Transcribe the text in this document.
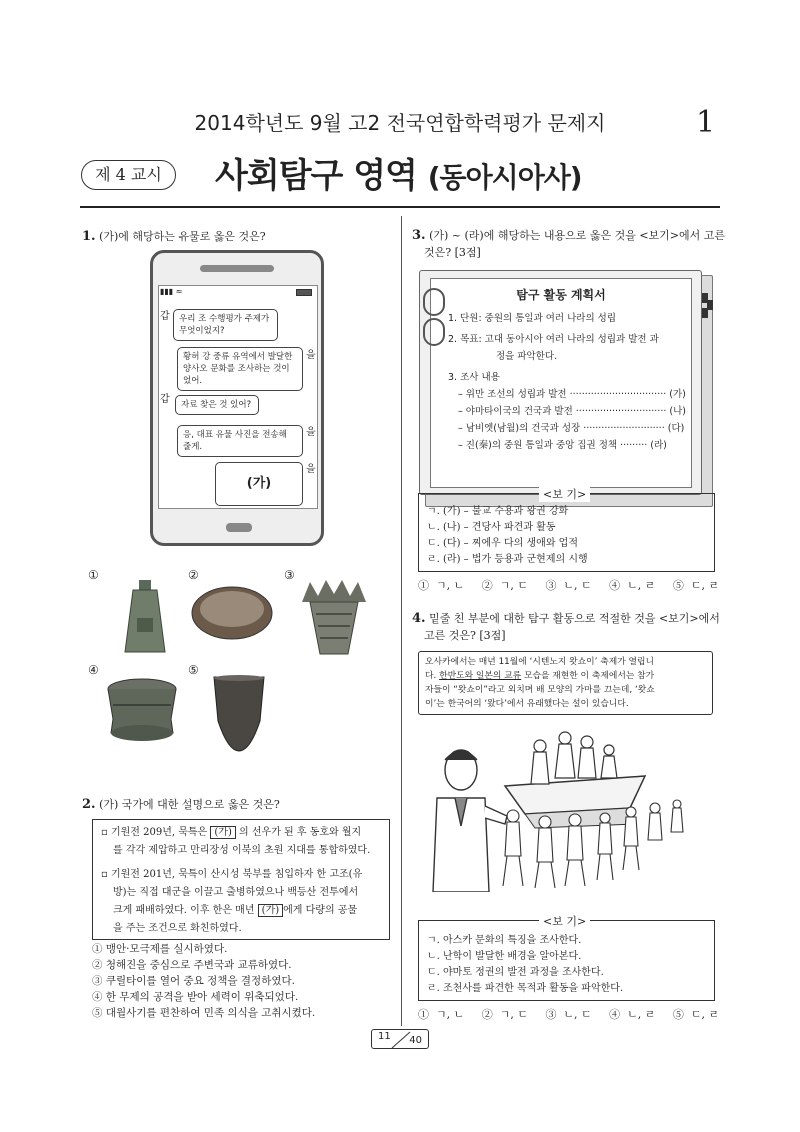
2014학년도 9월 고2 전국연합학력평가 문제지	1
제 4 교시	사회탐구 영역 (동아시아사)
1. (가)에 해당하는 유물로 옳은 것은?
▮▮▮ ≈
갑	우리 조 수행평가 주제가 무엇이었지?
을
황허 강 중류 유역에서 발달한 양사오 문화를 조사하는 것이었어.
갑	자료 찾은 것 있어?
을
응, 대표 유물 사진을 전송해 줄게.
을
(가)
①	②	③
④	⑤
2. (가) 국가에 대한 설명으로 옳은 것은?
▫ 기원전 209년, 묵특은 (가) 의 선우가 된 후 동호와 월지
를 각각 제압하고 만리장성 이북의 초원 지대를 통합하였다.
▫ 기원전 201년, 묵특이 산시성 북부를 침입하자 한 고조(유
방)는 직접 대군을 이끌고 출병하였으나 백등산 전투에서
크게 패배하였다. 이후 한은 매년 (가) 에게 다량의 공물
을 주는 조건으로 화친하였다.
① 맹안·모극제를 실시하였다.
② 청해진을 중심으로 주변국과 교류하였다.
③ 쿠릴타이를 열어 중요 정책을 결정하였다.
④ 한 무제의 공격을 받아 세력이 위축되었다.
⑤ 대월사기를 편찬하여 민족 의식을 고취시켰다.
3. (가) ~ (라)에 해당하는 내용으로 옳은 것을 <보기>에서 고른
것은? [3점]
탐구 활동 계획서
1. 단원: 중원의 통일과 여러 나라의 성립
2. 목표: 고대 동아시아 여러 나라의 성립과 발전 과
정을 파악한다.
3. 조사 내용
– 위만 조선의 성립과 발전 ································ (가)
– 야마타이국의 건국과 발전 ······························ (나)
– 남비엣(남월)의 건국과 성장 ··························· (다)
– 진(秦)의 중원 통일과 중앙 집권 정책 ········· (라)
<보 기>
ㄱ. (가) – 불교 수용과 왕권 강화
ㄴ. (나) – 견당사 파견과 활동
ㄷ. (다) – 찌에우 다의 생애와 업적
ㄹ. (라) – 법가 등용과 군현제의 시행
①  ㄱ, ㄴ     ②  ㄱ, ㄷ     ③  ㄴ, ㄷ     ④  ㄴ, ㄹ     ⑤  ㄷ, ㄹ
4. 밑줄 친 부분에 대한 탐구 활동으로 적절한 것을 <보기>에서
고른 것은? [3점]
오사카에서는 매년 11월에 ‘시텐노지 왓쇼이’ 축제가 열립니
다. 한반도와 일본의 교류 모습을 재현한 이 축제에서는 참가
자들이 “왓쇼이”라고 외치며 배 모양의 가마를 끄는데, ‘왓쇼
이’는 한국어의 ‘왔다’에서 유래했다는 설이 있습니다.
<보 기>
ㄱ. 아스카 문화의 특징을 조사한다.
ㄴ. 난학이 발달한 배경을 알아본다.
ㄷ. 야마토 정권의 발전 과정을 조사한다.
ㄹ. 조천사를 파견한 목적과 활동을 파악한다.
①  ㄱ, ㄴ     ②  ㄱ, ㄷ     ③  ㄴ, ㄷ     ④  ㄴ, ㄹ     ⑤  ㄷ, ㄹ
11 40
